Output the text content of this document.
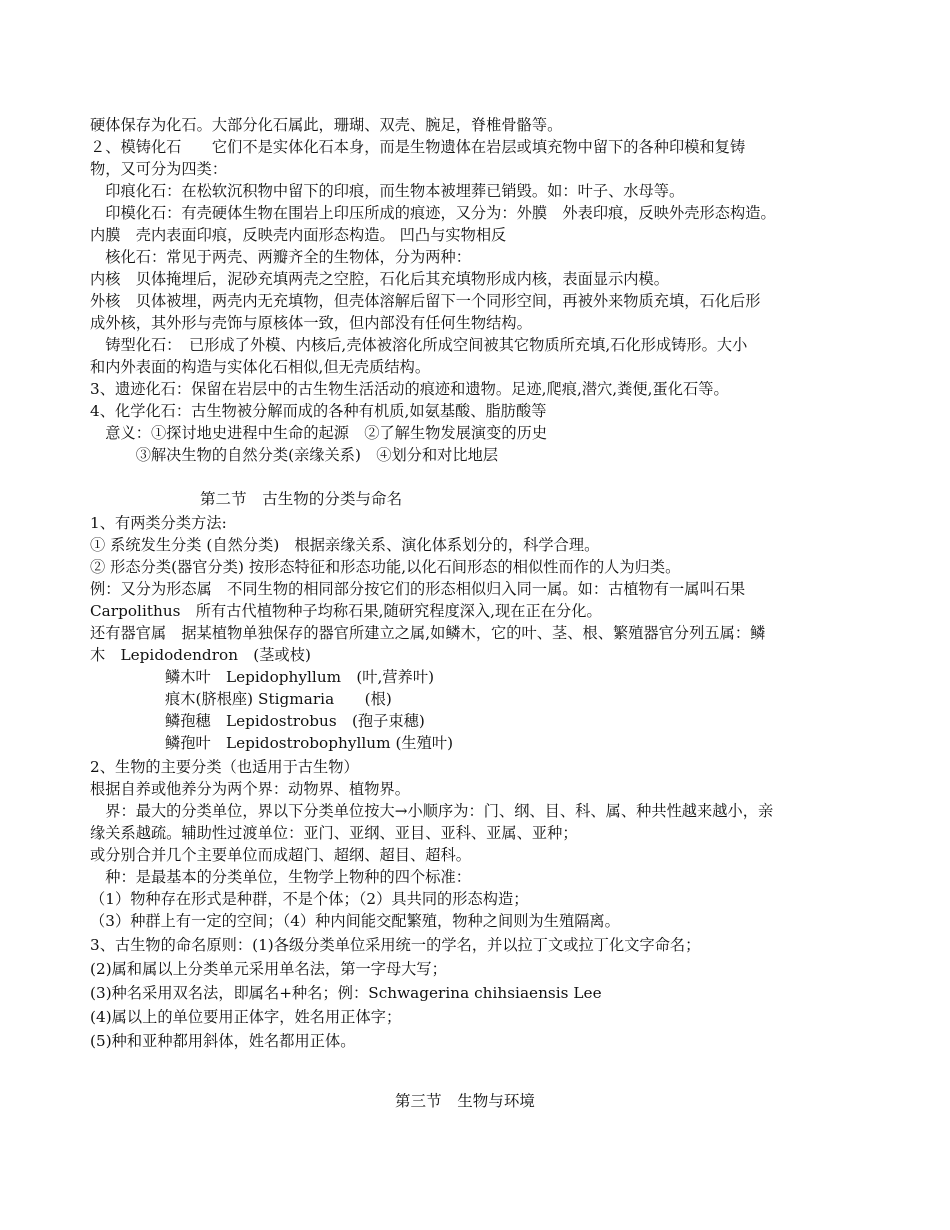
硬体保存为化石。大部分化石属此，珊瑚、双壳、腕足，脊椎骨骼等。
２、模铸化石　　它们不是实体化石本身，而是生物遗体在岩层或填充物中留下的各种印模和复铸
物，又可分为四类：
　印痕化石：在松软沉积物中留下的印痕，而生物本被埋葬已销毁。如：叶子、水母等。
　印模化石：有壳硬体生物在围岩上印压所成的痕迹，又分为：外膜　外表印痕，反映外壳形态构造。
内膜　壳内表面印痕，反映壳内面形态构造。 凹凸与实物相反
　核化石：常见于两壳、两瓣齐全的生物体，分为两种：
内核　贝体掩埋后，泥砂充填两壳之空腔，石化后其充填物形成内核，表面显示内模。
外核　贝体被埋，两壳内无充填物，但壳体溶解后留下一个同形空间，再被外来物质充填，石化后形
成外核，其外形与壳饰与原核体一致，但内部没有任何生物结构。
　铸型化石：　已形成了外模、内核后,壳体被溶化所成空间被其它物质所充填,石化形成铸形。大小
和内外表面的构造与实体化石相似,但无壳质结构。
3、遗迹化石：保留在岩层中的古生物生活活动的痕迹和遗物。足迹,爬痕,潜穴,粪便,蛋化石等。
4、化学化石：古生物被分解而成的各种有机质,如氨基酸、脂肪酸等
　意义：①探讨地史进程中生命的起源　②了解生物发展演变的历史
　　　③解决生物的自然分类(亲缘关系)　④划分和对比地层
第二节　古生物的分类与命名
1、有两类分类方法:
① 系统发生分类 (自然分类)　根据亲缘关系、演化体系划分的，科学合理。
② 形态分类(器官分类) 按形态特征和形态功能,以化石间形态的相似性而作的人为归类。
例：又分为形态属　不同生物的相同部分按它们的形态相似归入同一属。如：古植物有一属叫石果
Carpolithus　所有古代植物种子均称石果,随研究程度深入,现在正在分化。
还有器官属　据某植物单独保存的器官所建立之属,如鳞木，它的叶、茎、根、繁殖器官分列五属：鳞
木　Lepidodendron　(茎或枝)
鳞木叶　Lepidophyllum　(叶,营养叶)
痕木(脐根座) Stigmaria　　(根)
鳞孢穗　Lepidostrobus　(孢子束穗)
鳞孢叶　Lepidostrobophyllum (生殖叶)
2、生物的主要分类（也适用于古生物）
根据自养或他养分为两个界：动物界、植物界。
　界：最大的分类单位，界以下分类单位按大→小顺序为：门、纲、目、科、属、种共性越来越小，亲
缘关系越疏。辅助性过渡单位：亚门、亚纲、亚目、亚科、亚属、亚种；
或分别合并几个主要单位而成超门、超纲、超目、超科。
　种：是最基本的分类单位，生物学上物种的四个标准：
（1）物种存在形式是种群，不是个体；（2）具共同的形态构造；
（3）种群上有一定的空间；（4）种内间能交配繁殖，物种之间则为生殖隔离。
3、古生物的命名原则：(1)各级分类单位采用统一的学名，并以拉丁文或拉丁化文字命名；
(2)属和属以上分类单元采用单名法，第一字母大写；
(3)种名采用双名法，即属名+种名；例：Schwagerina chihsiaensis Lee
(4)属以上的单位要用正体字，姓名用正体字；
(5)种和亚种都用斜体，姓名都用正体。
第三节　生物与环境
